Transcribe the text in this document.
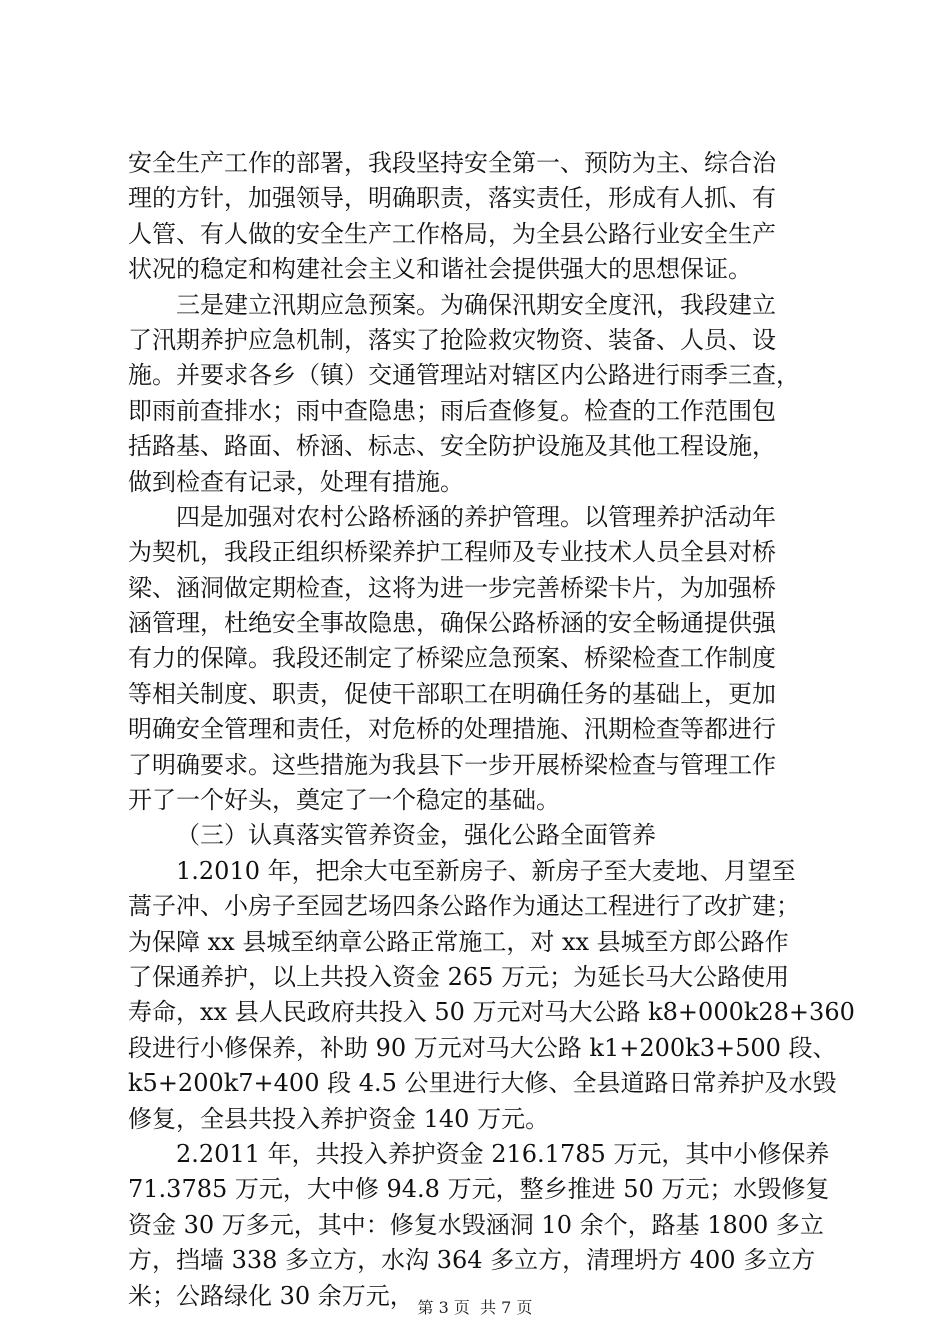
安全生产工作的部署，我段坚持安全第一、预防为主、综合治
理的方针，加强领导，明确职责，落实责任，形成有人抓、有
人管、有人做的安全生产工作格局，为全县公路行业安全生产
状况的稳定和构建社会主义和谐社会提供强大的思想保证。
三是建立汛期应急预案。为确保汛期安全度汛，我段建立
了汛期养护应急机制，落实了抢险救灾物资、装备、人员、设
施。并要求各乡（镇）交通管理站对辖区内公路进行雨季三查，
即雨前查排水；雨中查隐患；雨后查修复。检查的工作范围包
括路基、路面、桥涵、标志、安全防护设施及其他工程设施，
做到检查有记录，处理有措施。
四是加强对农村公路桥涵的养护管理。以管理养护活动年
为契机，我段正组织桥梁养护工程师及专业技术人员全县对桥
梁、涵洞做定期检查，这将为进一步完善桥梁卡片，为加强桥
涵管理，杜绝安全事故隐患，确保公路桥涵的安全畅通提供强
有力的保障。我段还制定了桥梁应急预案、桥梁检查工作制度
等相关制度、职责，促使干部职工在明确任务的基础上，更加
明确安全管理和责任，对危桥的处理措施、汛期检查等都进行
了明确要求。这些措施为我县下一步开展桥梁检查与管理工作
开了一个好头，奠定了一个稳定的基础。
（三）认真落实管养资金，强化公路全面管养
1.2010 年，把余大屯至新房子、新房子至大麦地、月望至
蒿子冲、小房子至园艺场四条公路作为通达工程进行了改扩建；
为保障 xx 县城至纳章公路正常施工，对 xx 县城至方郎公路作
了保通养护，以上共投入资金 265 万元；为延长马大公路使用
寿命，xx 县人民政府共投入 50 万元对马大公路 k8+000k28+360
段进行小修保养，补助 90 万元对马大公路 k1+200k3+500 段、
k5+200k7+400 段 4.5 公里进行大修、全县道路日常养护及水毁
修复，全县共投入养护资金 140 万元。
2.2011 年，共投入养护资金 216.1785 万元，其中小修保养
71.3785 万元，大中修 94.8 万元，整乡推进 50 万元；水毁修复
资金 30 万多元，其中：修复水毁涵洞 10 余个，路基 1800 多立
方，挡墙 338 多立方，水沟 364 多立方，清理坍方 400 多立方
米；公路绿化 30 余万元， 第 3 页 共 7 页
